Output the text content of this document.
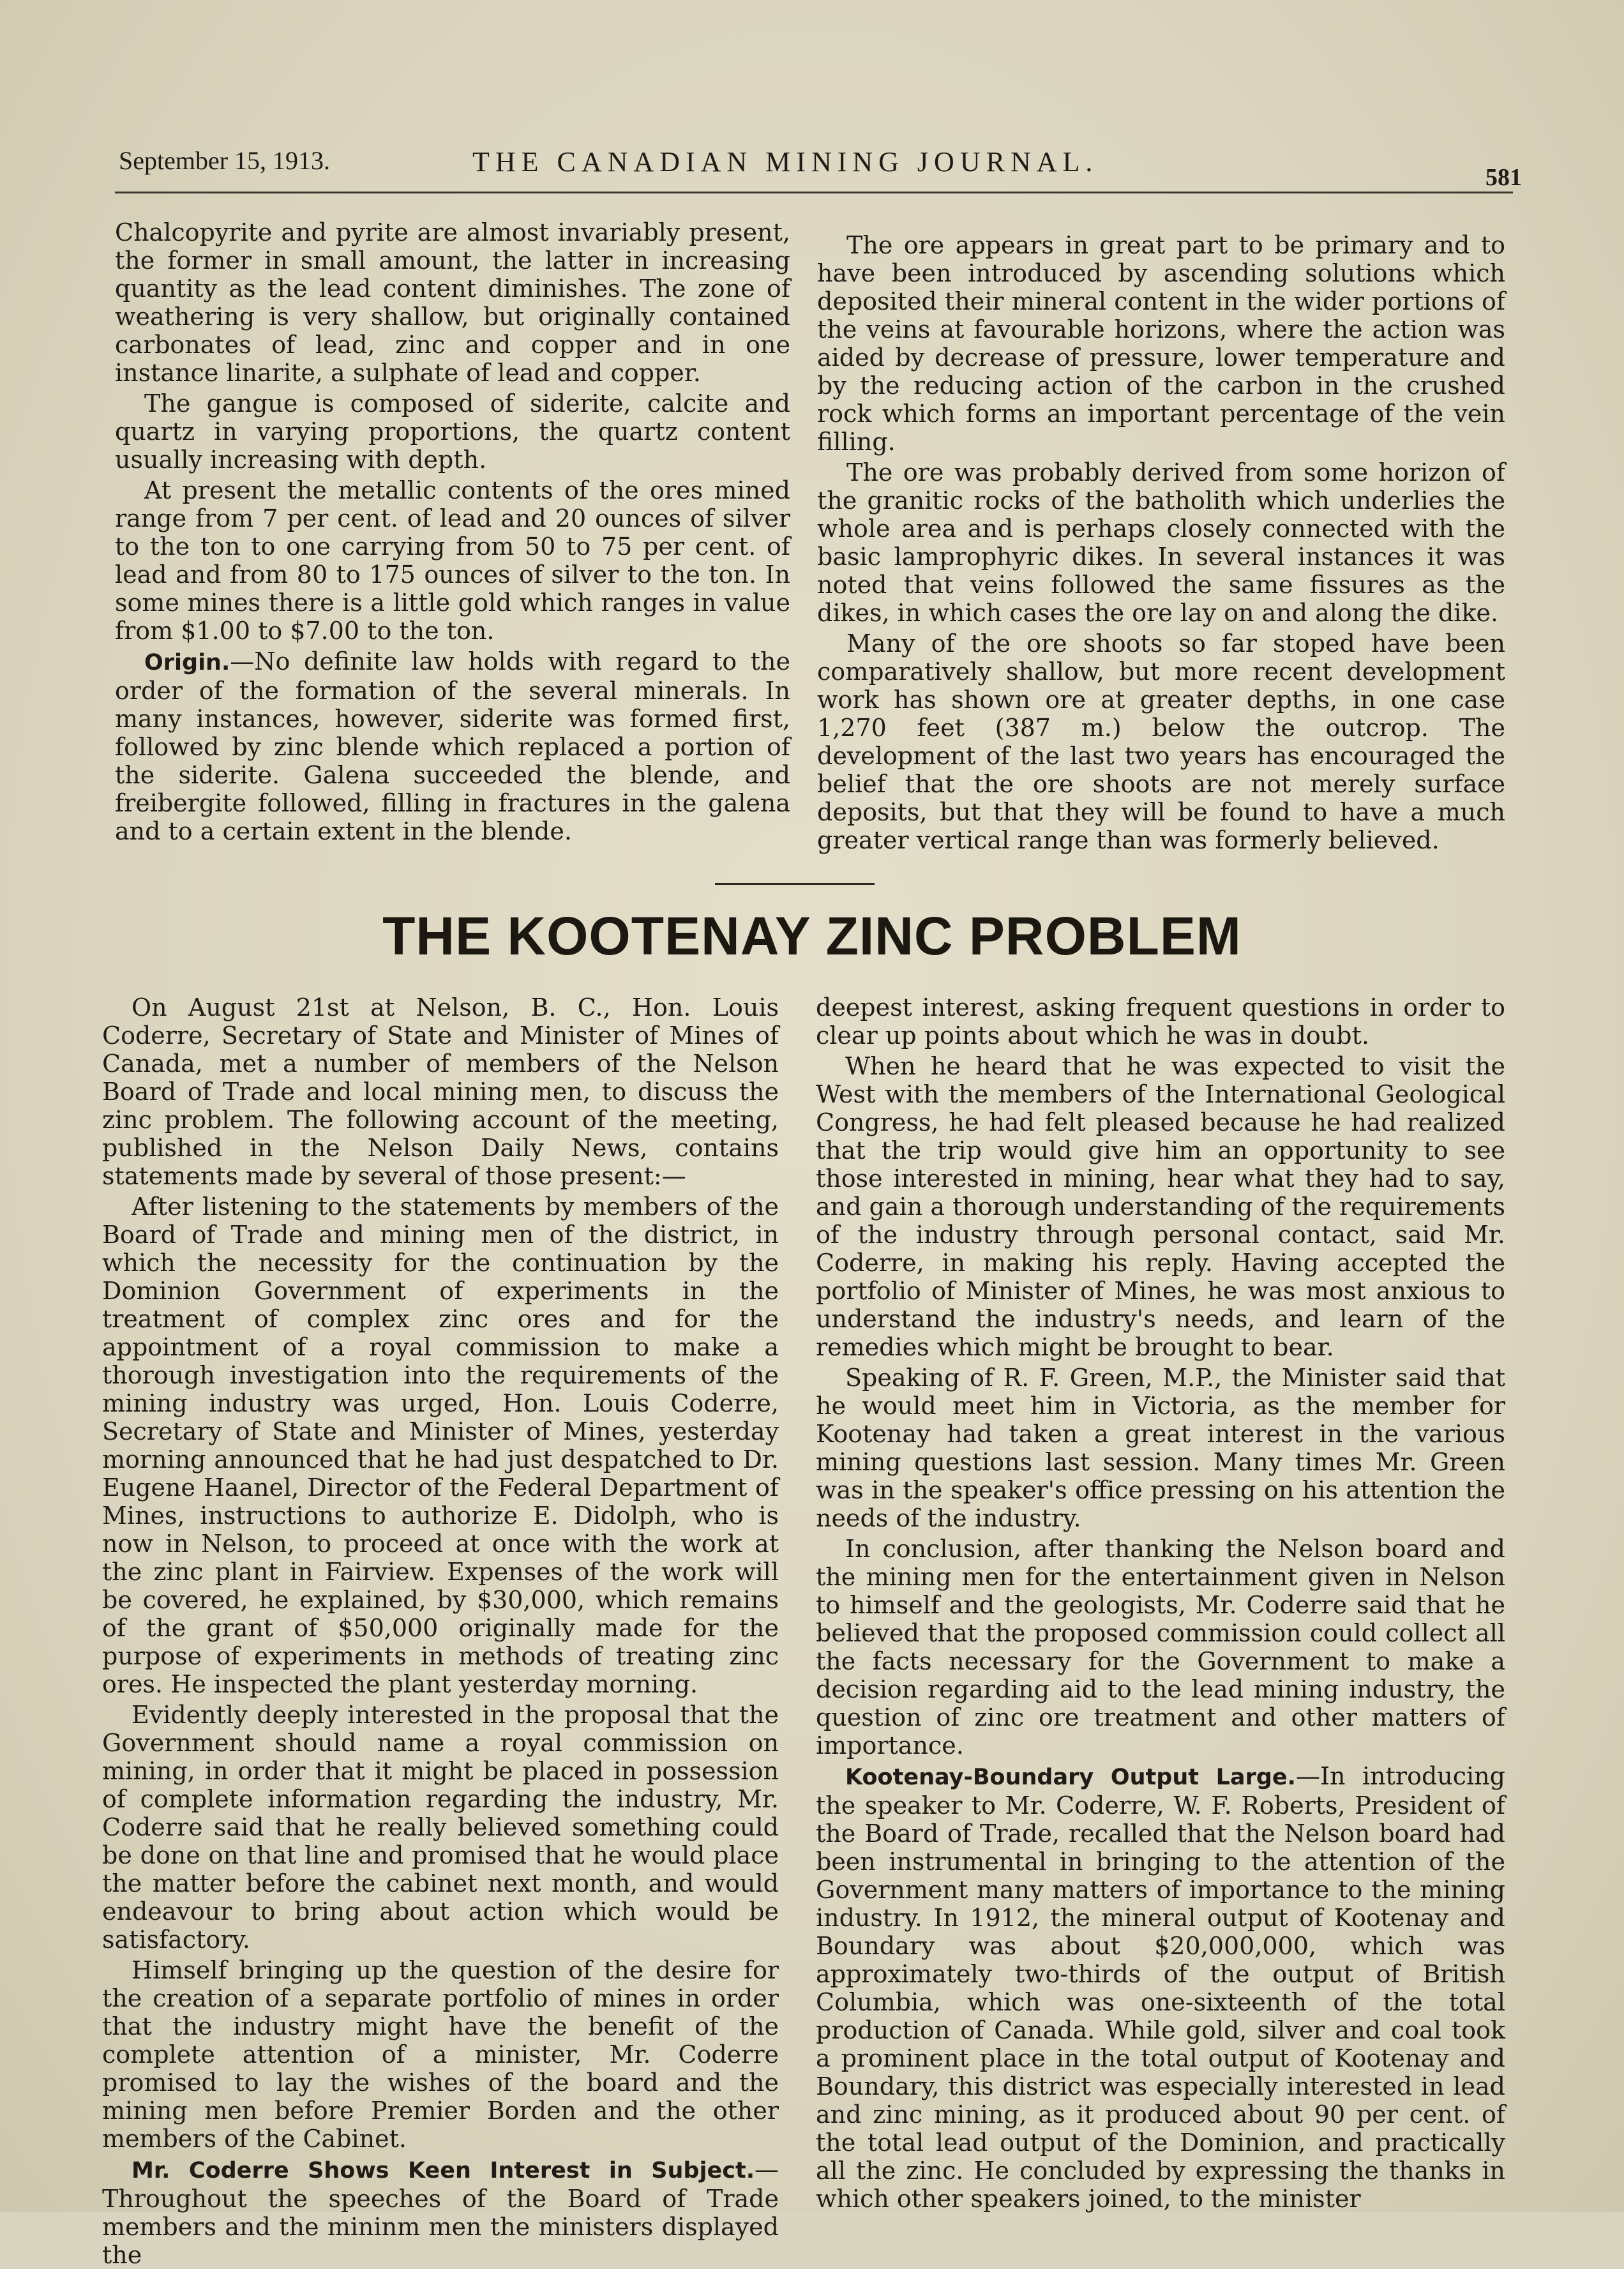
September 15, 1913.	THE CANADIAN MINING JOURNAL.	581

Chalcopyrite and pyrite are almost invariably present, the former in small amount, the latter in increasing quantity as the lead content diminishes. The zone of weathering is very shallow, but originally contained carbonates of lead, zinc and copper and in one instance linarite, a sulphate of lead and copper.

The gangue is composed of siderite, calcite and quartz in varying proportions, the quartz content usually increasing with depth.

At present the metallic contents of the ores mined range from 7 per cent. of lead and 20 ounces of silver to the ton to one carrying from 50 to 75 per cent. of lead and from 80 to 175 ounces of silver to the ton. In some mines there is a little gold which ranges in value from $1.00 to $7.00 to the ton.

Origin.—No definite law holds with regard to the order of the formation of the several minerals. In many instances, however, siderite was formed first, followed by zinc blende which replaced a portion of the siderite. Galena succeeded the blende, and freibergite followed, filling in fractures in the galena and to a certain extent in the blende.

The ore appears in great part to be primary and to have been introduced by ascending solutions which deposited their mineral content in the wider portions of the veins at favourable horizons, where the action was aided by decrease of pressure, lower temperature and by the reducing action of the carbon in the crushed rock which forms an important percentage of the vein filling.

The ore was probably derived from some horizon of the granitic rocks of the batholith which underlies the whole area and is perhaps closely connected with the basic lamprophyric dikes. In several instances it was noted that veins followed the same fissures as the dikes, in which cases the ore lay on and along the dike.

Many of the ore shoots so far stoped have been comparatively shallow, but more recent development work has shown ore at greater depths, in one case 1,270 feet (387 m.) below the outcrop. The development of the last two years has encouraged the belief that the ore shoots are not merely surface deposits, but that they will be found to have a much greater vertical range than was formerly believed.

THE KOOTENAY ZINC PROBLEM

On August 21st at Nelson, B. C., Hon. Louis Coderre, Secretary of State and Minister of Mines of Canada, met a number of members of the Nelson Board of Trade and local mining men, to discuss the zinc problem. The following account of the meeting, published in the Nelson Daily News, contains statements made by several of those present:—

After listening to the statements by members of the Board of Trade and mining men of the district, in which the necessity for the continuation by the Dominion Government of experiments in the treatment of complex zinc ores and for the appointment of a royal commission to make a thorough investigation into the requirements of the mining industry was urged, Hon. Louis Coderre, Secretary of State and Minister of Mines, yesterday morning announced that he had just despatched to Dr. Eugene Haanel, Director of the Federal Department of Mines, instructions to authorize E. Didolph, who is now in Nelson, to proceed at once with the work at the zinc plant in Fairview. Expenses of the work will be covered, he explained, by $30,000, which remains of the grant of $50,000 originally made for the purpose of experiments in methods of treating zinc ores. He inspected the plant yesterday morning.

Evidently deeply interested in the proposal that the Government should name a royal commission on mining, in order that it might be placed in possession of complete information regarding the industry, Mr. Coderre said that he really believed something could be done on that line and promised that he would place the matter before the cabinet next month, and would endeavour to bring about action which would be satisfactory.

Himself bringing up the question of the desire for the creation of a separate portfolio of mines in order that the industry might have the benefit of the complete attention of a minister, Mr. Coderre promised to lay the wishes of the board and the mining men before Premier Borden and the other members of the Cabinet.

Mr. Coderre Shows Keen Interest in Subject.—Throughout the speeches of the Board of Trade members and the mininm men the ministers displayed the

deepest interest, asking frequent questions in order to clear up points about which he was in doubt.

When he heard that he was expected to visit the West with the members of the International Geological Congress, he had felt pleased because he had realized that the trip would give him an opportunity to see those interested in mining, hear what they had to say, and gain a thorough understanding of the requirements of the industry through personal contact, said Mr. Coderre, in making his reply. Having accepted the portfolio of Minister of Mines, he was most anxious to understand the industry's needs, and learn of the remedies which might be brought to bear.

Speaking of R. F. Green, M.P., the Minister said that he would meet him in Victoria, as the member for Kootenay had taken a great interest in the various mining questions last session. Many times Mr. Green was in the speaker's office pressing on his attention the needs of the industry.

In conclusion, after thanking the Nelson board and the mining men for the entertainment given in Nelson to himself and the geologists, Mr. Coderre said that he believed that the proposed commission could collect all the facts necessary for the Government to make a decision regarding aid to the lead mining industry, the question of zinc ore treatment and other matters of importance.

Kootenay-Boundary Output Large.—In introducing the speaker to Mr. Coderre, W. F. Roberts, President of the Board of Trade, recalled that the Nelson board had been instrumental in bringing to the attention of the Government many matters of importance to the mining industry. In 1912, the mineral output of Kootenay and Boundary was about $20,000,000, which was approximately two-thirds of the output of British Columbia, which was one-sixteenth of the total production of Canada. While gold, silver and coal took a prominent place in the total output of Kootenay and Boundary, this district was especially interested in lead and zinc mining, as it produced about 90 per cent. of the total lead output of the Dominion, and practically all the zinc. He concluded by expressing the thanks in which other speakers joined, to the minister
